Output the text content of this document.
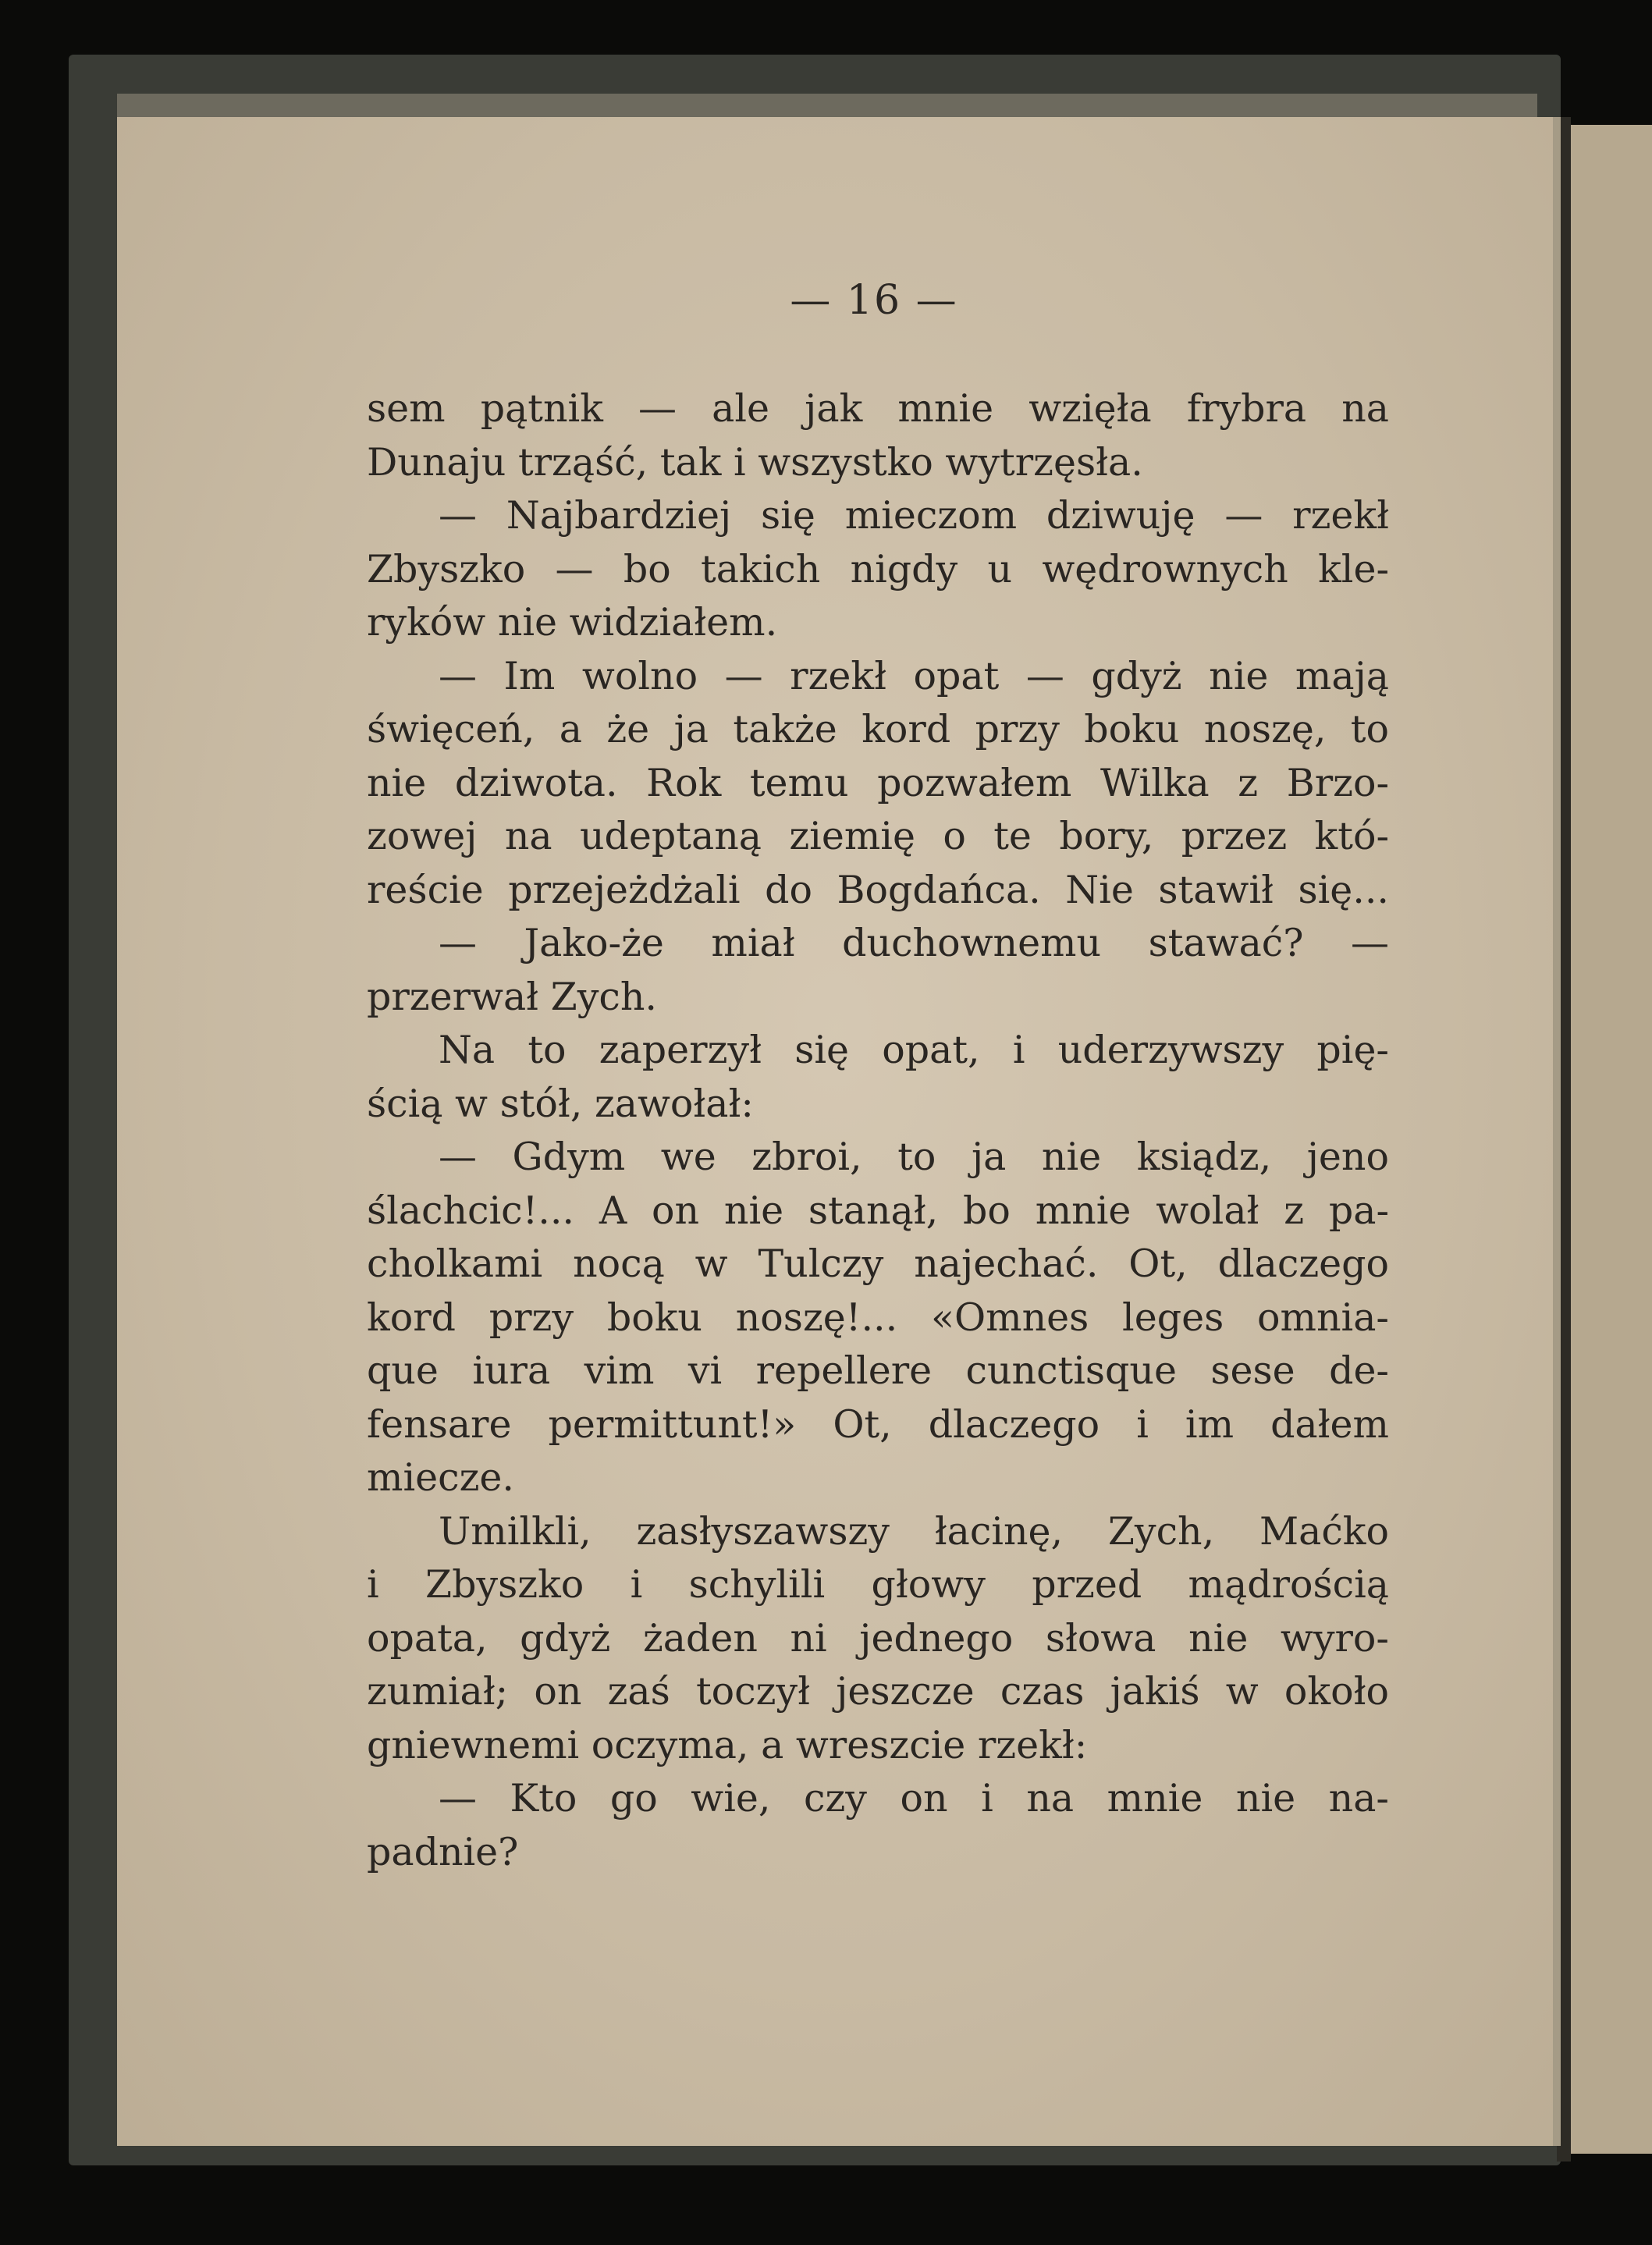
— 16 —
sem pątnik — ale jak mnie wzięła frybra na
Dunaju trząść, tak i wszystko wytrzęsła.
— Najbardziej się mieczom dziwuję — rzekł
Zbyszko — bo takich nigdy u wędrownych kle-
ryków nie widziałem.
— Im wolno — rzekł opat — gdyż nie mają
święceń, a że ja także kord przy boku noszę, to
nie dziwota. Rok temu pozwałem Wilka z Brzo-
zowej na udeptaną ziemię o te bory, przez któ-
reście przejeżdżali do Bogdańca. Nie stawił się...
— Jako-że miał duchownemu stawać? —
przerwał Zych.
Na to zaperzył się opat, i uderzywszy pię-
ścią w stół, zawołał:
— Gdym we zbroi, to ja nie ksiądz, jeno
ślachcic!... A on nie stanął, bo mnie wolał z pa-
cholkami nocą w Tulczy najechać. Ot, dlaczego
kord przy boku noszę!... «Omnes leges omnia-
que iura vim vi repellere cunctisque sese de-
fensare permittunt!» Ot, dlaczego i im dałem
miecze.
Umilkli, zasłyszawszy łacinę, Zych, Maćko
i Zbyszko i schylili głowy przed mądrością
opata, gdyż żaden ni jednego słowa nie wyro-
zumiał; on zaś toczył jeszcze czas jakiś w około
gniewnemi oczyma, a wreszcie rzekł:
— Kto go wie, czy on i na mnie nie na-
padnie?
